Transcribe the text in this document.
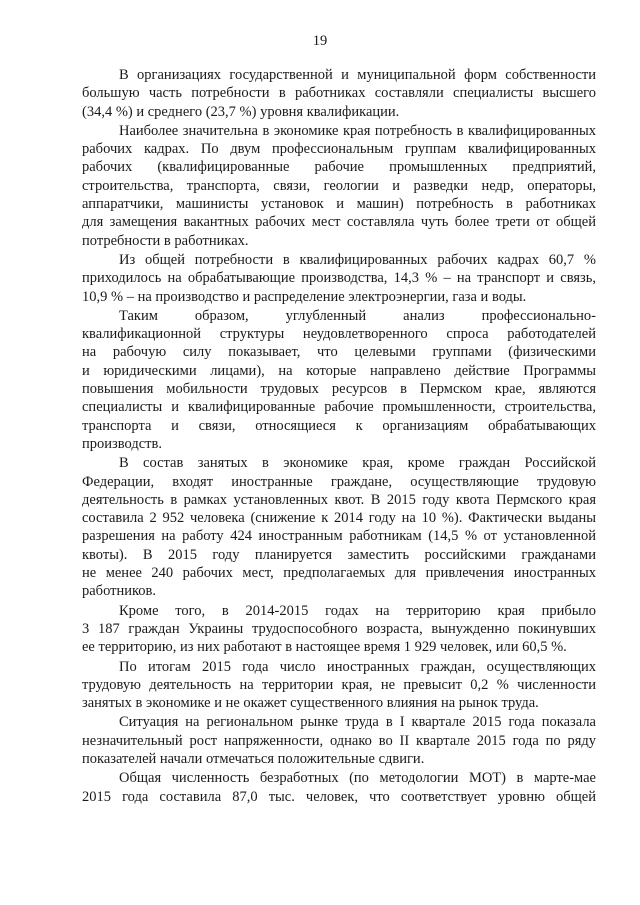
19
В организациях государственной и муниципальной форм собственности
большую часть потребности в работниках составляли специалисты высшего
(34,4 %) и среднего (23,7 %) уровня квалификации.
Наиболее значительна в экономике края потребность в квалифицированных
рабочих кадрах. По двум профессиональным группам квалифицированных
рабочих (квалифицированные рабочие промышленных предприятий,
строительства, транспорта, связи, геологии и разведки недр, операторы,
аппаратчики, машинисты установок и машин) потребность в работниках
для замещения вакантных рабочих мест составляла чуть более трети от общей
потребности в работниках.
Из общей потребности в квалифицированных рабочих кадрах 60,7 %
приходилось на обрабатывающие производства, 14,3 % – на транспорт и связь,
10,9 % – на производство и распределение электроэнергии, газа и воды.
Таким образом, углубленный анализ профессионально-
квалификационной структуры неудовлетворенного спроса работодателей
на рабочую силу показывает, что целевыми группами (физическими
и юридическими лицами), на которые направлено действие Программы
повышения мобильности трудовых ресурсов в Пермском крае, являются
специалисты и квалифицированные рабочие промышленности, строительства,
транспорта и связи, относящиеся к организациям обрабатывающих
производств.
В состав занятых в экономике края, кроме граждан Российской
Федерации, входят иностранные граждане, осуществляющие трудовую
деятельность в рамках установленных квот. В 2015 году квота Пермского края
составила 2 952 человека (снижение к 2014 году на 10 %). Фактически выданы
разрешения на работу 424 иностранным работникам (14,5 % от установленной
квоты). В 2015 году планируется заместить российскими гражданами
не менее 240 рабочих мест, предполагаемых для привлечения иностранных
работников.
Кроме того, в 2014-2015 годах на территорию края прибыло
3 187 граждан Украины трудоспособного возраста, вынужденно покинувших
ее территорию, из них работают в настоящее время 1 929 человек, или 60,5 %.
По итогам 2015 года число иностранных граждан, осуществляющих
трудовую деятельность на территории края, не превысит 0,2 % численности
занятых в экономике и не окажет существенного влияния на рынок труда.
Ситуация на региональном рынке труда в I квартале 2015 года показала
незначительный рост напряженности, однако во II квартале 2015 года по ряду
показателей начали отмечаться положительные сдвиги.
Общая численность безработных (по методологии МОТ) в марте-мае
2015 года составила 87,0 тыс. человек, что соответствует уровню общей
